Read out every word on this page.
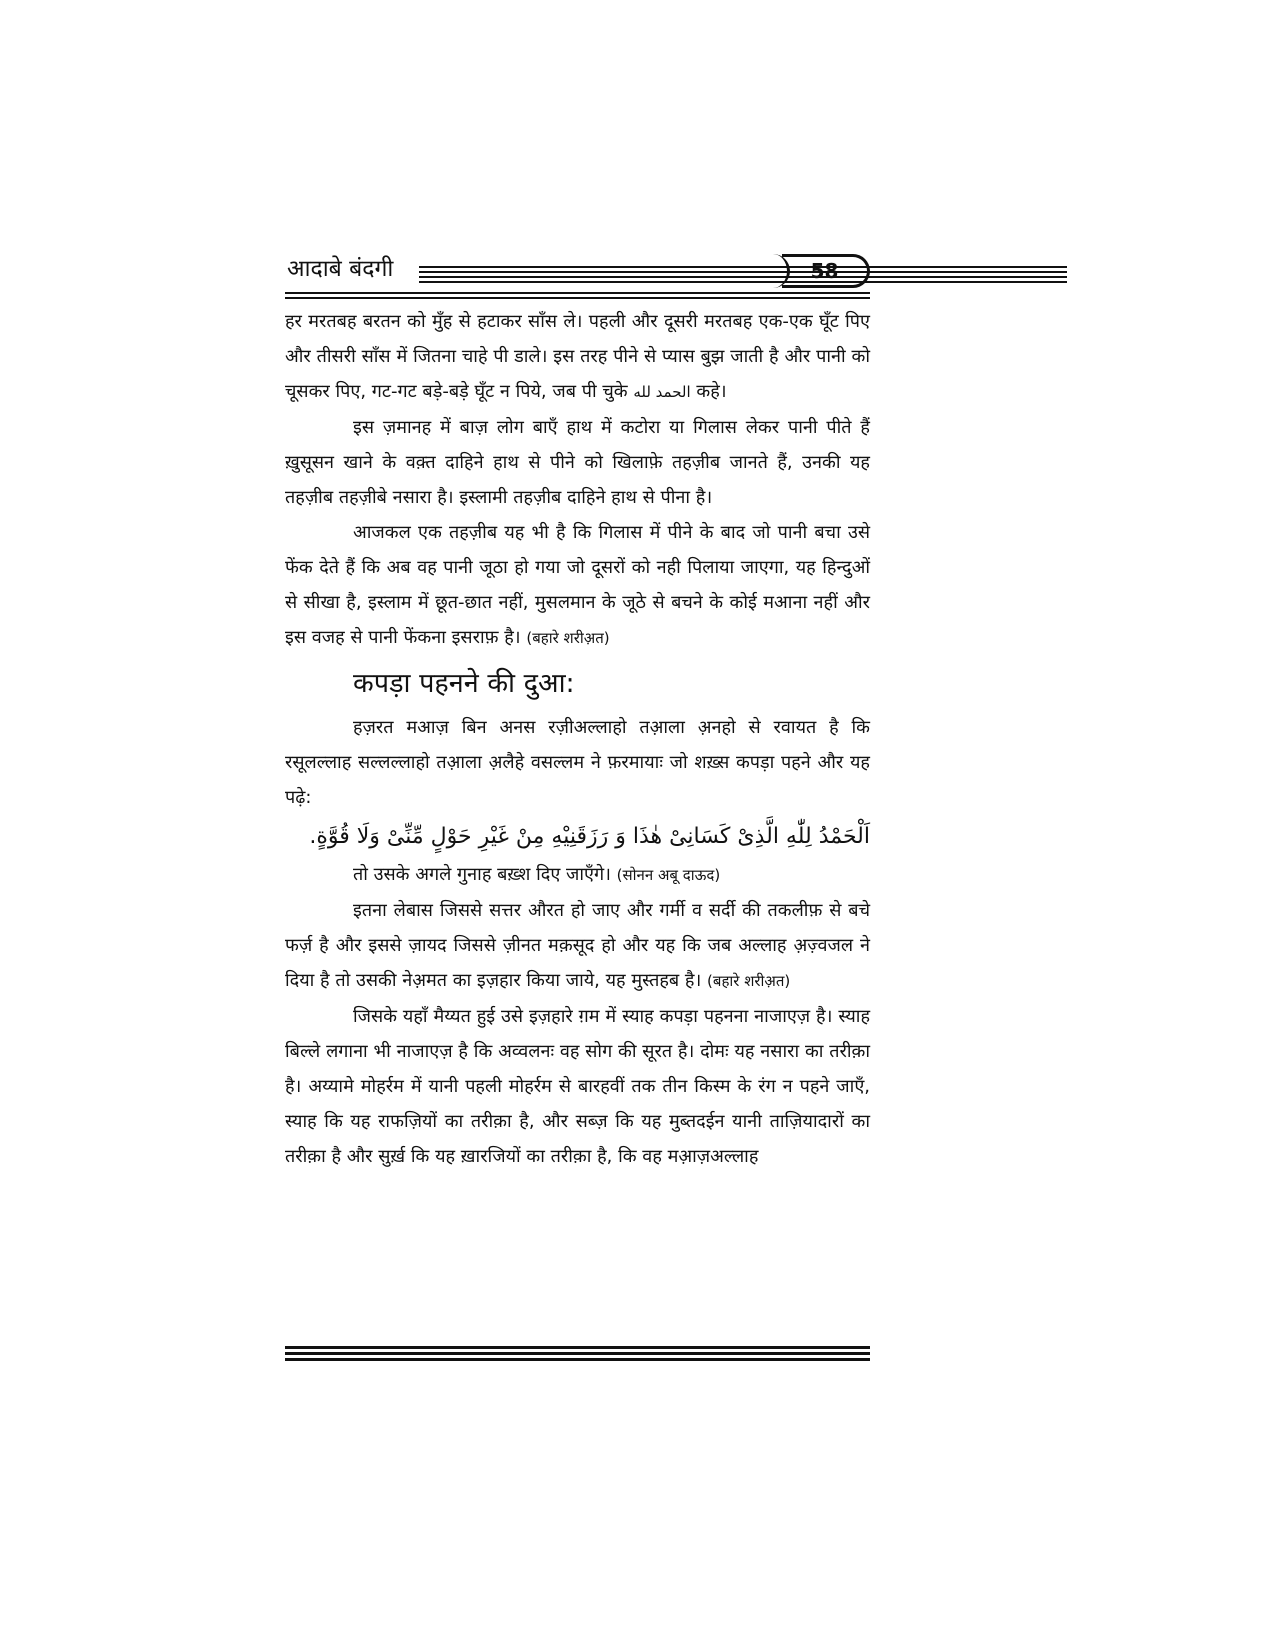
आदाबे बंदगी

हर मरतबह बरतन को मुँह से हटाकर साँस ले। पहली और दूसरी मरतबह एक-एक घूँट पिए और तीसरी साँस में जितना चाहे पी डाले। इस तरह पीने से प्यास बुझ जाती है और पानी को चूसकर पिए, गट-गट बड़े-बड़े घूँट न पिये, जब पी चुके الحمد لله कहे।

इस ज़मानह में बाज़ लोग बाएँ हाथ में कटोरा या गिलास लेकर पानी पीते हैं ख़ुसूसन खाने के वक़्त दाहिने हाथ से पीने को खिलाफ़े तहज़ीब जानते हैं, उनकी यह तहज़ीब तहज़ीबे नसारा है। इस्लामी तहज़ीब दाहिने हाथ से पीना है।

आजकल एक तहज़ीब यह भी है कि गिलास में पीने के बाद जो पानी बचा उसे फेंक देते हैं कि अब वह पानी जूठा हो गया जो दूसरों को नही पिलाया जाएगा, यह हिन्दुओं से सीखा है, इस्लाम में छूत-छात नहीं, मुसलमान के जूठे से बचने के कोई मआना नहीं और इस वजह से पानी फेंकना इसराफ़ है। (बहारे शरीअ़त)

कपड़ा पहनने की दुआ:

हज़रत मआज़ बिन अनस रज़ीअल्लाहो तआ़ला अ़नहो से रवायत है कि रसूलल्लाह सल्लल्लाहो तआ़ला अ़लैहे वसल्लम ने फ़रमायाः जो शख़्स कपड़ा पहने और यह पढ़े:

اَلْحَمْدُ لِلّٰهِ الَّذِیْ كَسَانِیْ هٰذَا وَ رَزَقَنِیْهِ مِنْ غَیْرِ حَوْلٍ مِّنِّیْ وَلَا قُوَّةٍ.

तो उसके अगले गुनाह बख़्श दिए जाएँगे। (सोनन अबू दाऊद)

इतना लेबास जिससे सत्तर औरत हो जाए और गर्मी व सर्दी की तकलीफ़ से बचे फर्ज़ है और इससे ज़ायद जिससे ज़ीनत मक़सूद हो और यह कि जब अल्लाह अ़ज़्वजल ने दिया है तो उसकी नेअ़मत का इज़हार किया जाये, यह मुस्तहब है। (बहारे शरीअ़त)

जिसके यहाँ मैय्यत हुई उसे इज़हारे ग़म में स्याह कपड़ा पहनना नाजाएज़ है। स्याह बिल्ले लगाना भी नाजाएज़ है कि अव्वलनः वह सोग की सूरत है। दोमः यह नसारा का तरीक़ा है। अय्यामे मोहर्रम में यानी पहली मोहर्रम से बारहवीं तक तीन किस्म के रंग न पहने जाएँ, स्याह कि यह राफज़ियों का तरीक़ा है, और सब्ज़ कि यह मुब्तदईन यानी ताज़ियादारों का तरीक़ा है और सुर्ख़ कि यह ख़ारजियों का तरीक़ा है, कि वह मआ़ज़अल्लाह

58
